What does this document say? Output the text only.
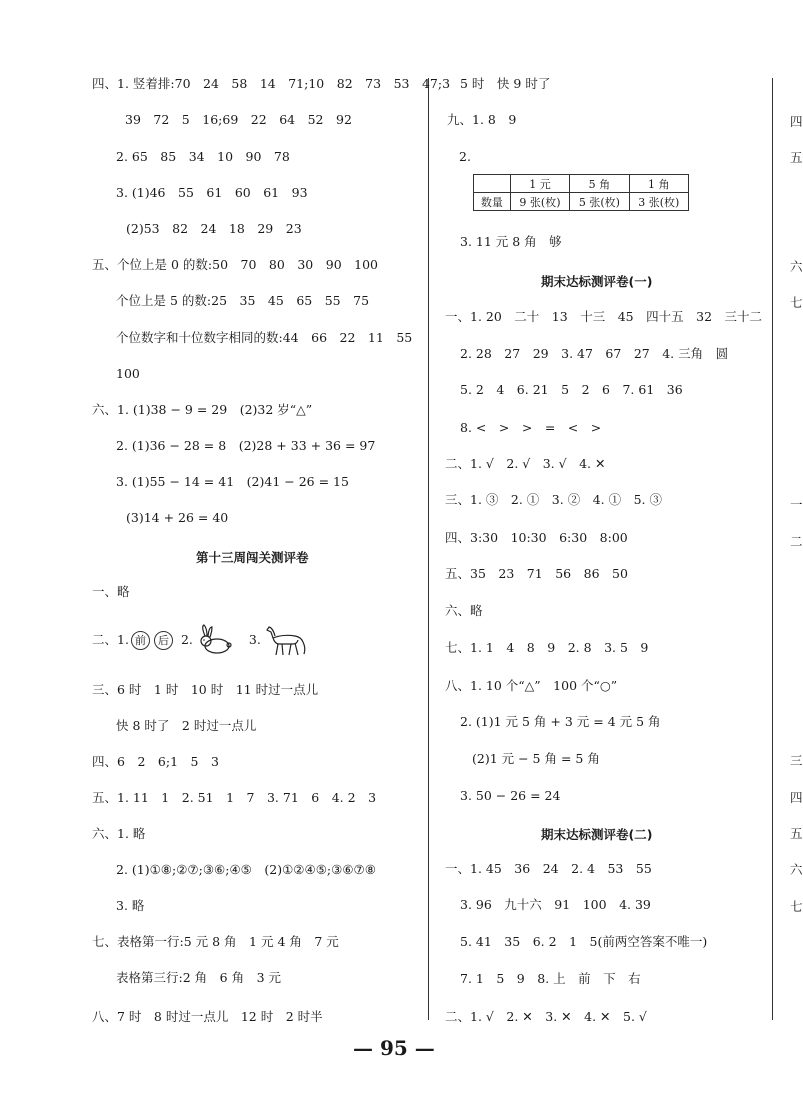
四、1. 竖着排:70　24　58　14　71;10　82　73　53　47;3
39　72　5　16;69　22　64　52　92
2. 65　85　34　10　90　78
3. (1)46　55　61　60　61　93
(2)53　82　24　18　29　23
五、个位上是 0 的数:50　70　80　30　90　100
个位上是 5 的数:25　35　45　65　55　75
个位数字和十位数字相同的数:44　66　22　11　55
100
六、1. (1)38 − 9 = 29　(2)32 岁“△”
2. (1)36 − 28 = 8　(2)28 + 33 + 36 = 97
3. (1)55 − 14 = 41　(2)41 − 26 = 15
(3)14 + 26 = 40
第十三周闯关测评卷
一、略
二、1. 前	后 2.	3.
三、6 时　1 时　10 时　11 时过一点儿
快 8 时了　2 时过一点儿
四、6　2　6;1　5　3
五、1. 11　1　2. 51　1　7　3. 71　6　4. 2　3
六、1. 略
2. (1)①⑧;②⑦;③⑥;④⑤　(2)①②④⑤;③⑥⑦⑧
3. 略
七、表格第一行:5 元 8 角　1 元 4 角　7 元
表格第三行:2 角　6 角　3 元
八、7 时　8 时过一点儿　12 时　2 时半
5 时　快 9 时了
九、1. 8　9
2.
	1 元	5 角	1 角
数量	9 张(枚)	5 张(枚)	3 张(枚)
3. 11 元 8 角　够
期末达标测评卷(一)
一、1. 20　二十　13　十三　45　四十五　32　三十二
2. 28　27　29　3. 47　67　27　4. 三角　圆
5. 2　4　6. 21　5　2　6　7. 61　36
8. <　>　>　=　<　>
二、1. √　2. √　3. √　4. ✕
三、1. ③　2. ①　3. ②　4. ①　5. ③
四、3:30　10:30　6:30　8:00
五、35　23　71　56　86　50
六、略
七、1. 1　4　8　9　2. 8　3. 5　9
八、1. 10 个“△”　100 个“○”
2. (1)1 元 5 角 + 3 元 = 4 元 5 角
(2)1 元 − 5 角 = 5 角
3. 50 − 26 = 24
期末达标测评卷(二)
一、1. 45　36　24　2. 4　53　55
3. 96　九十六　91　100　4. 39
5. 41　35　6. 2　1　5(前两空答案不唯一)
7. 1　5　9　8. 上　前　下　右
二、1. √　2. ✕　3. ✕　4. ✕　5. √
四
五
六
七
一
二
三
四
五
六
七
— 95 —
